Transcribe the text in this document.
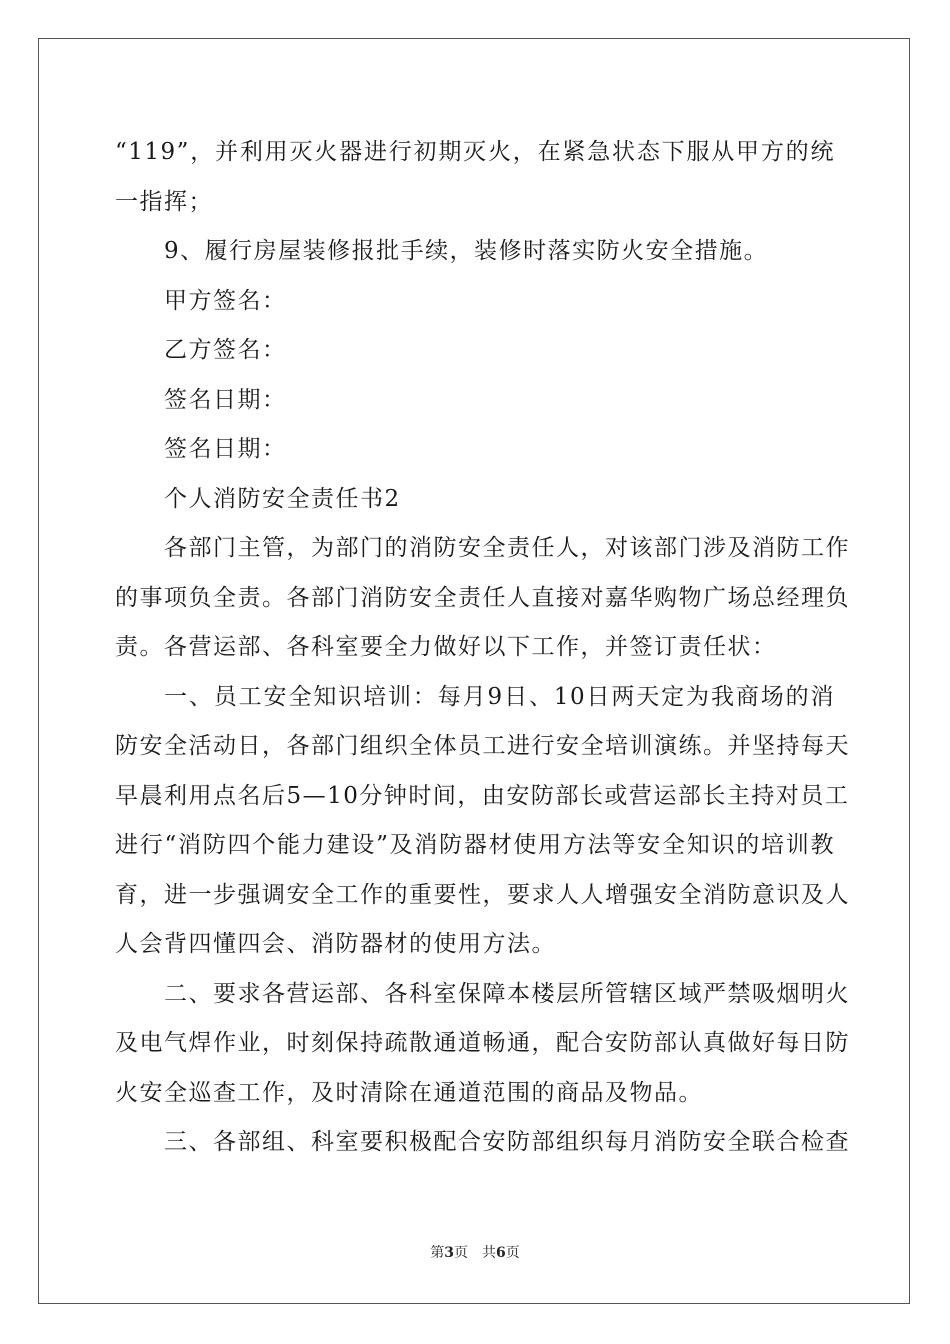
“119”，并利用灭火器进行初期灭火，在紧急状态下服从甲方的统
一指挥；
9、履行房屋装修报批手续，装修时落实防火安全措施。
甲方签名：
乙方签名：
签名日期：
签名日期：
个人消防安全责任书2
各部门主管，为部门的消防安全责任人，对该部门涉及消防工作
的事项负全责。各部门消防安全责任人直接对嘉华购物广场总经理负
责。各营运部、各科室要全力做好以下工作，并签订责任状：
一、员工安全知识培训：每月9日、10日两天定为我商场的消
防安全活动日，各部门组织全体员工进行安全培训演练。并坚持每天
早晨利用点名后5—10分钟时间，由安防部长或营运部长主持对员工
进行“消防四个能力建设”及消防器材使用方法等安全知识的培训教
育，进一步强调安全工作的重要性，要求人人增强安全消防意识及人
人会背四懂四会、消防器材的使用方法。
二、要求各营运部、各科室保障本楼层所管辖区域严禁吸烟明火
及电气焊作业，时刻保持疏散通道畅通，配合安防部认真做好每日防
火安全巡查工作，及时清除在通道范围的商品及物品。
三、各部组、科室要积极配合安防部组织每月消防安全联合检查
第3页 共6页
